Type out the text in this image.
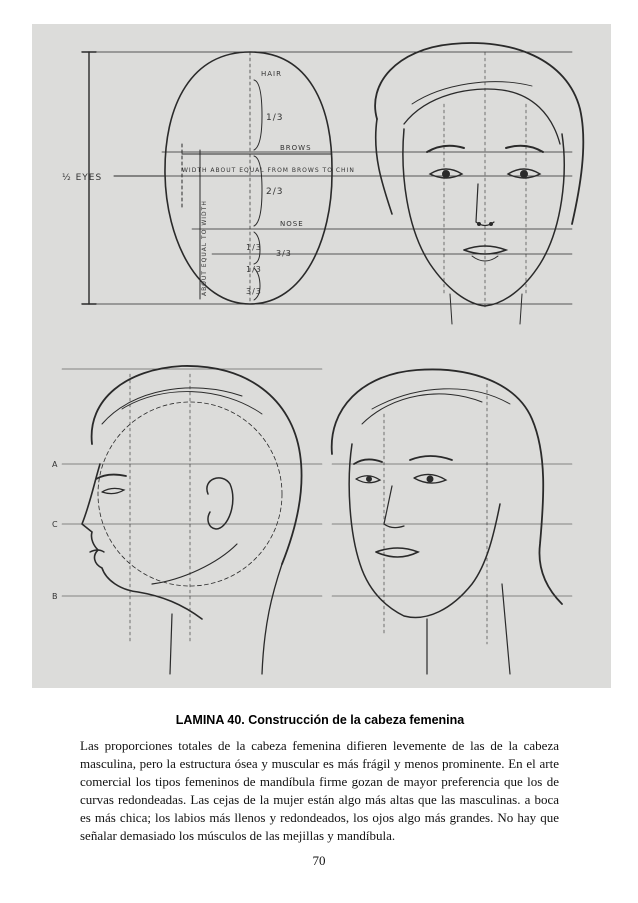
HAIR
BROWS
WIDTH ABOUT EQUAL FROM BROWS TO CHIN
NOSE
½ EYES
ABOUT EQUAL TO WIDTH
1/3
2/3
1/3
3/3
1/3
3/3
A
C
B
LAMINA 40. Construcción de la cabeza femenina

Las proporciones totales de la cabeza femenina difieren levemente de las de la cabeza masculina, pero la estructura ósea y muscular es más frágil y menos prominente. En el arte comercial los tipos femeninos de mandíbula firme gozan de mayor preferencia que los de curvas redondeadas. Las cejas de la mujer están algo más altas que las masculinas. a boca es más chica; los labios más llenos y redondeados, los ojos algo más grandes. No hay que señalar demasiado los músculos de las mejillas y mandíbula.

70
